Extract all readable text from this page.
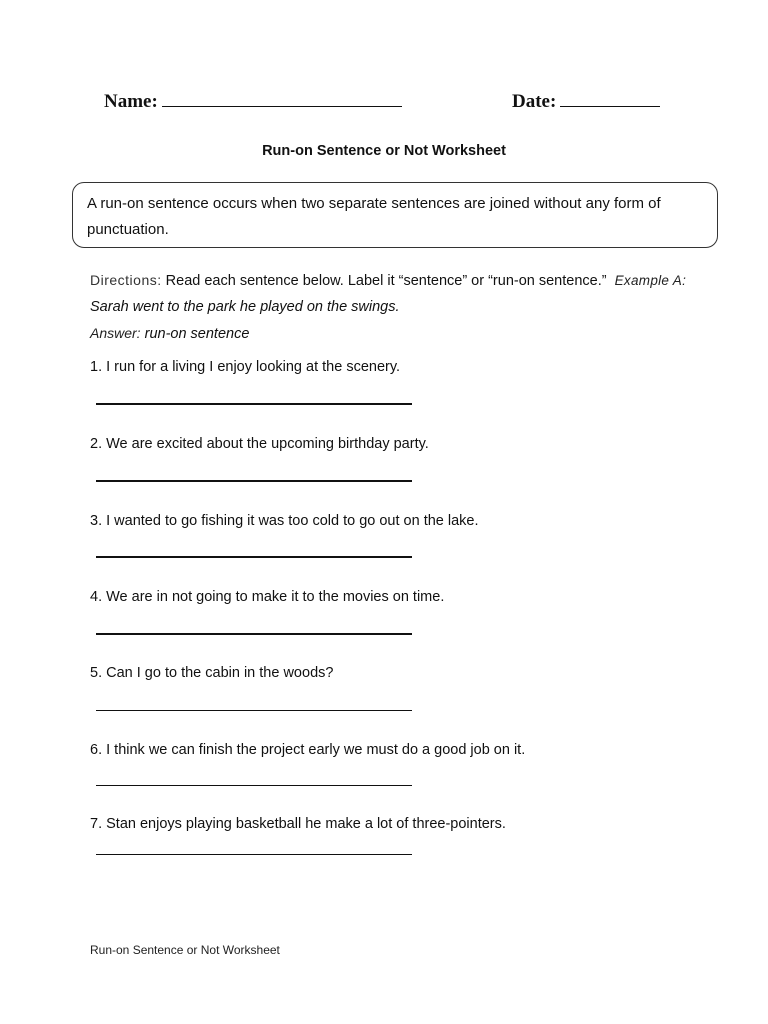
Name:	Date:
Run-on Sentence or Not Worksheet
A run-on sentence occurs when two separate sentences are joined without any form of punctuation.
Directions: Read each sentence below. Label it “sentence” or “run-on sentence.” Example A: Sarah went to the park he played on the swings.
Answer: run-on sentence
1. I run for a living I enjoy looking at the scenery.
2. We are excited about the upcoming birthday party.
3. I wanted to go fishing it was too cold to go out on the lake.
4. We are in not going to make it to the movies on time.
5. Can I go to the cabin in the woods?
6. I think we can finish the project early we must do a good job on it.
7. Stan enjoys playing basketball he make a lot of three-pointers.
Run-on Sentence or Not Worksheet
